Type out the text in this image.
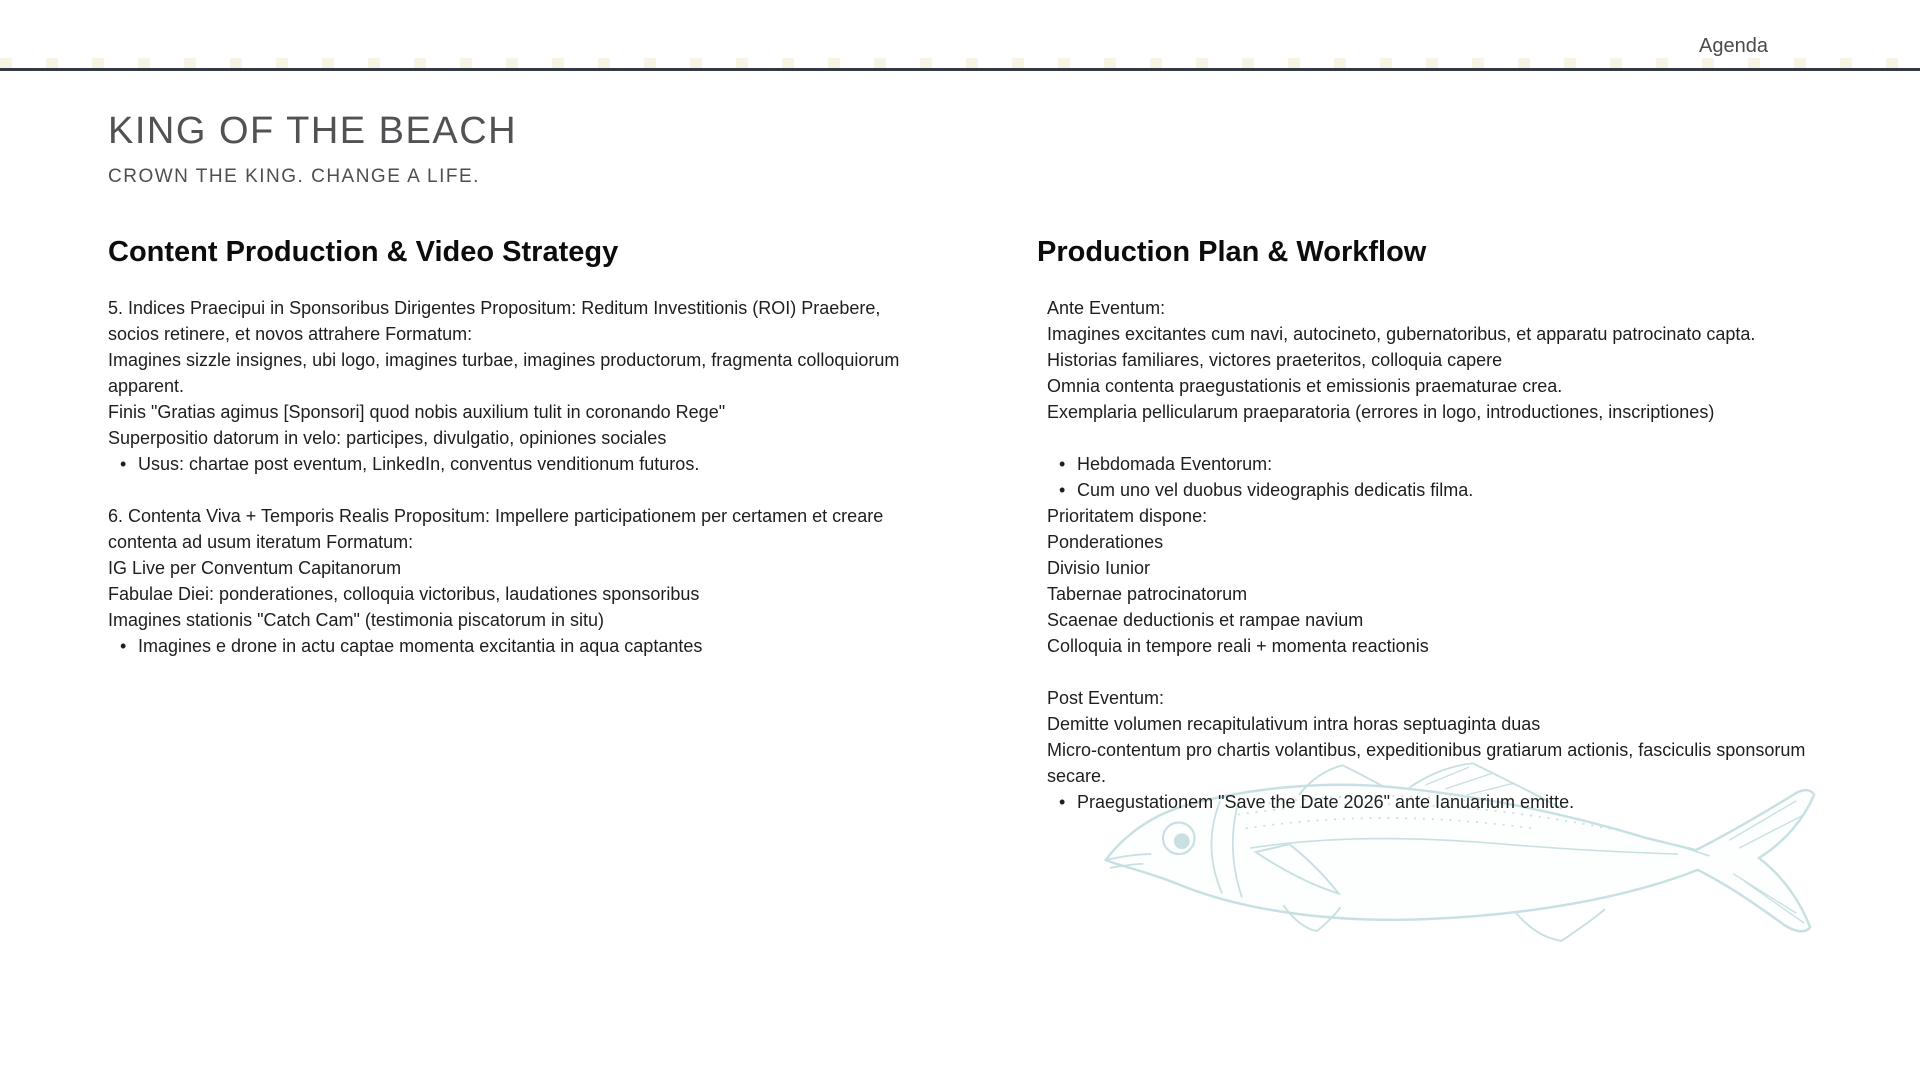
Agenda
KING OF THE BEACH
CROWN THE KING. CHANGE A LIFE.
Content Production & Video Strategy
5. Indices Praecipui in Sponsoribus Dirigentes Propositum: Reditum Investitionis (ROI) Praebere, socios retinere, et novos attrahere Formatum:
Imagines sizzle insignes, ubi logo, imagines turbae, imagines productorum, fragmenta colloquiorum apparent.
Finis "Gratias agimus [Sponsori] quod nobis auxilium tulit in coronando Rege"
Superpositio datorum in velo: participes, divulgatio, opiniones sociales
• Usus: chartae post eventum, LinkedIn, conventus venditionum futuros.
6. Contenta Viva + Temporis Realis Propositum: Impellere participationem per certamen et creare contenta ad usum iteratum Formatum:
IG Live per Conventum Capitanorum
Fabulae Diei: ponderationes, colloquia victoribus, laudationes sponsoribus
Imagines stationis "Catch Cam" (testimonia piscatorum in situ)
• Imagines e drone in actu captae momenta excitantia in aqua captantes
Production Plan & Workflow
Ante Eventum:
Imagines excitantes cum navi, autocineto, gubernatoribus, et apparatu patrocinato capta.
Historias familiares, victores praeteritos, colloquia capere
Omnia contenta praegustationis et emissionis praematurae crea.
Exemplaria pellicularum praeparatoria (errores in logo, introductiones, inscriptiones)
• Hebdomada Eventorum:
• Cum uno vel duobus videographis dedicatis filma.
Prioritatem dispone:
Ponderationes
Divisio Iunior
Tabernae patrocinatorum
Scaenae deductionis et rampae navium
Colloquia in tempore reali + momenta reactionis
Post Eventum:
Demitte volumen recapitulativum intra horas septuaginta duas
Micro-contentum pro chartis volantibus, expeditionibus gratiarum actionis, fasciculis sponsorum secare.
• Praegustationem "Save the Date 2026" ante Ianuarium emitte.
